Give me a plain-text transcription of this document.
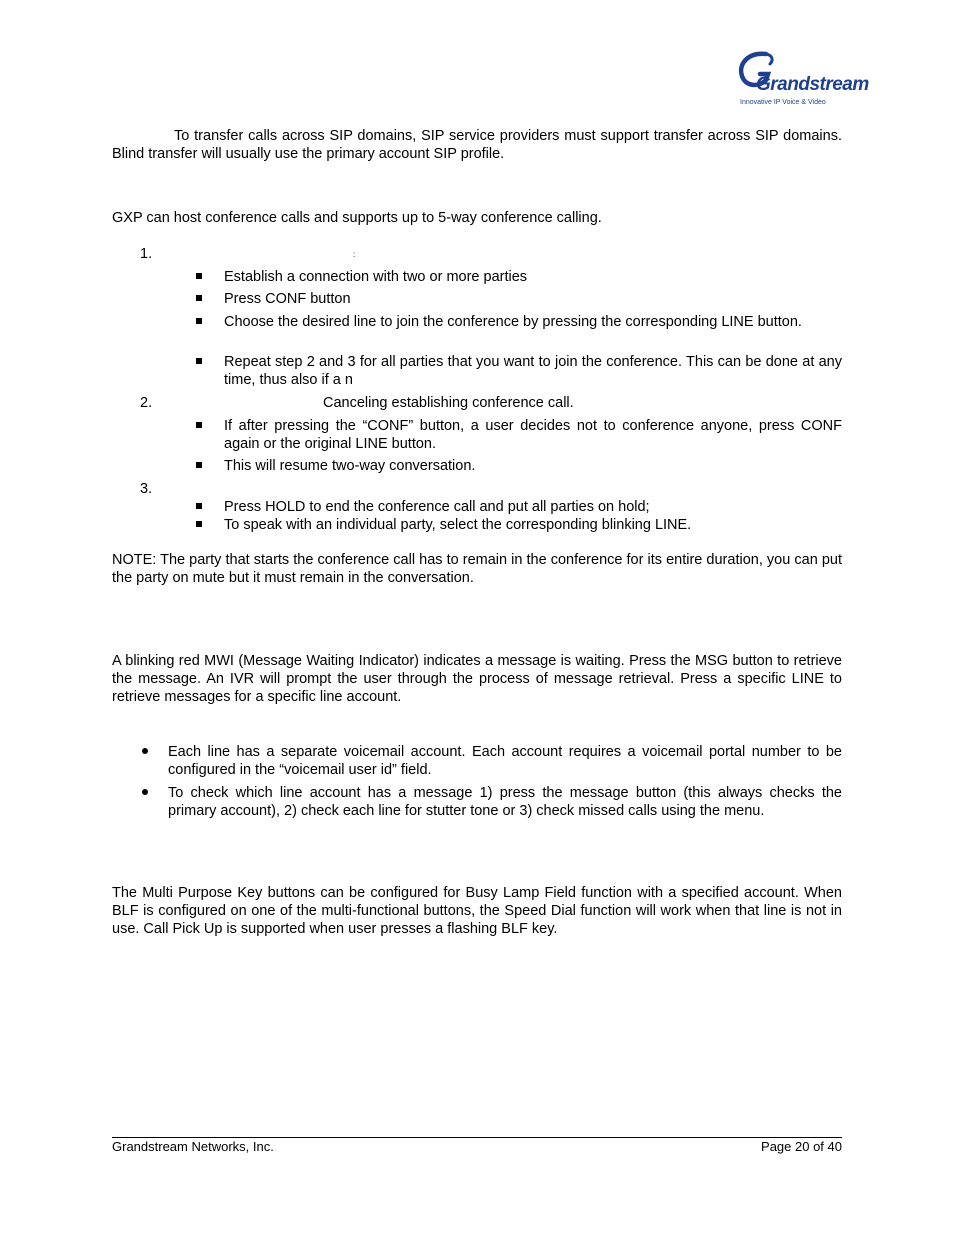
Grandstream
Innovative IP Voice & Video

To transfer calls across SIP domains, SIP service providers must support transfer across SIP domains. Blind transfer will usually use the primary account SIP profile.

GXP can host conference calls and supports up to 5-way conference calling.

1.	:

Establish a connection with two or more parties

Press CONF button

Choose the desired line to join the conference by pressing the corresponding LINE button.

Repeat step 2 and 3 for all parties that you want to join the conference. This can be done at any time, thus also if a n

2.	Canceling establishing conference call.

If after pressing the “CONF” button, a user decides not to conference anyone, press CONF again or the original LINE button.

This will resume two-way conversation.

3.

Press HOLD to end the conference call and put all parties on hold;

To speak with an individual party, select the corresponding blinking LINE.

NOTE: The party that starts the conference call has to remain in the conference for its entire duration, you can put the party on mute but it must remain in the conversation.

A blinking red MWI (Message Waiting Indicator) indicates a message is waiting. Press the MSG button to retrieve the message. An IVR will prompt the user through the process of message retrieval. Press a specific LINE to retrieve messages for a specific line account.

Each line has a separate voicemail account. Each account requires a voicemail portal number to be configured in the “voicemail user id” field.

To check which line account has a message 1) press the message button (this always checks the primary account), 2) check each line for stutter tone or 3) check missed calls using the menu.

The Multi Purpose Key buttons can be configured for Busy Lamp Field function with a specified account. When BLF is configured on one of the multi-functional buttons, the Speed Dial function will work when that line is not in use. Call Pick Up is supported when user presses a flashing BLF key.

Grandstream Networks, Inc.	Page 20 of 40
